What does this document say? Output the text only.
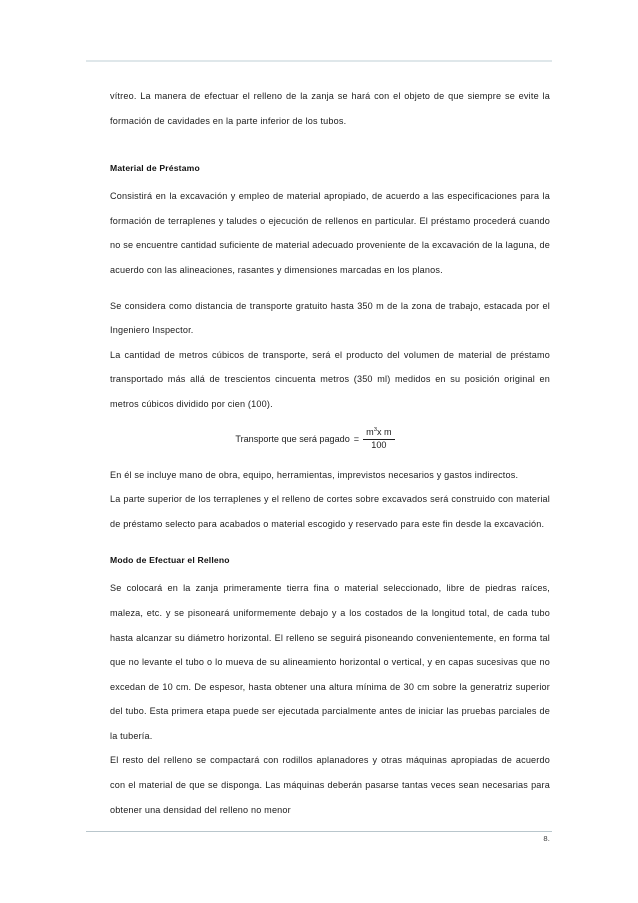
vítreo. La manera de efectuar el relleno de la zanja se hará con el objeto de que siempre se evite la formación de cavidades en la parte inferior de los tubos.

Material de Préstamo

Consistirá en la excavación y empleo de material apropiado, de acuerdo a las especificaciones para la formación de terraplenes y taludes o ejecución de rellenos en particular. El préstamo procederá cuando no se encuentre cantidad suficiente de material adecuado proveniente de la excavación de la laguna, de acuerdo con las alineaciones, rasantes y dimensiones marcadas en los planos.

Se considera como distancia de transporte gratuito hasta 350 m de la zona de trabajo, estacada por el Ingeniero Inspector.

La cantidad de metros cúbicos de transporte, será el producto del volumen de material de préstamo transportado más allá de trescientos cincuenta metros (350 ml) medidos en su posición original en metros cúbicos dividido por cien (100).

Transporte que será pagado = $\frac{m^3x m}{100}$

En él se incluye mano de obra, equipo, herramientas, imprevistos necesarios y gastos indirectos.

La parte superior de los terraplenes y el relleno de cortes sobre excavados será construido con material de préstamo selecto para acabados o material escogido y reservado para este fin desde la excavación.

Modo de Efectuar el Relleno

Se colocará en la zanja primeramente tierra fina o material seleccionado, libre de piedras raíces, maleza, etc. y se pisoneará uniformemente debajo y a los costados de la longitud total, de cada tubo hasta alcanzar su diámetro horizontal. El relleno se seguirá pisoneando convenientemente, en forma tal que no levante el tubo o lo mueva de su alineamiento horizontal o vertical, y en capas sucesivas que no excedan de 10 cm. De espesor, hasta obtener una altura mínima de 30 cm sobre la generatriz superior del tubo. Esta primera etapa puede ser ejecutada parcialmente antes de iniciar las pruebas parciales de la tubería.

El resto del relleno se compactará con rodillos aplanadores y otras máquinas apropiadas de acuerdo con el material de que se disponga. Las máquinas deberán pasarse tantas veces sean necesarias para obtener una densidad del relleno no menor

8.
